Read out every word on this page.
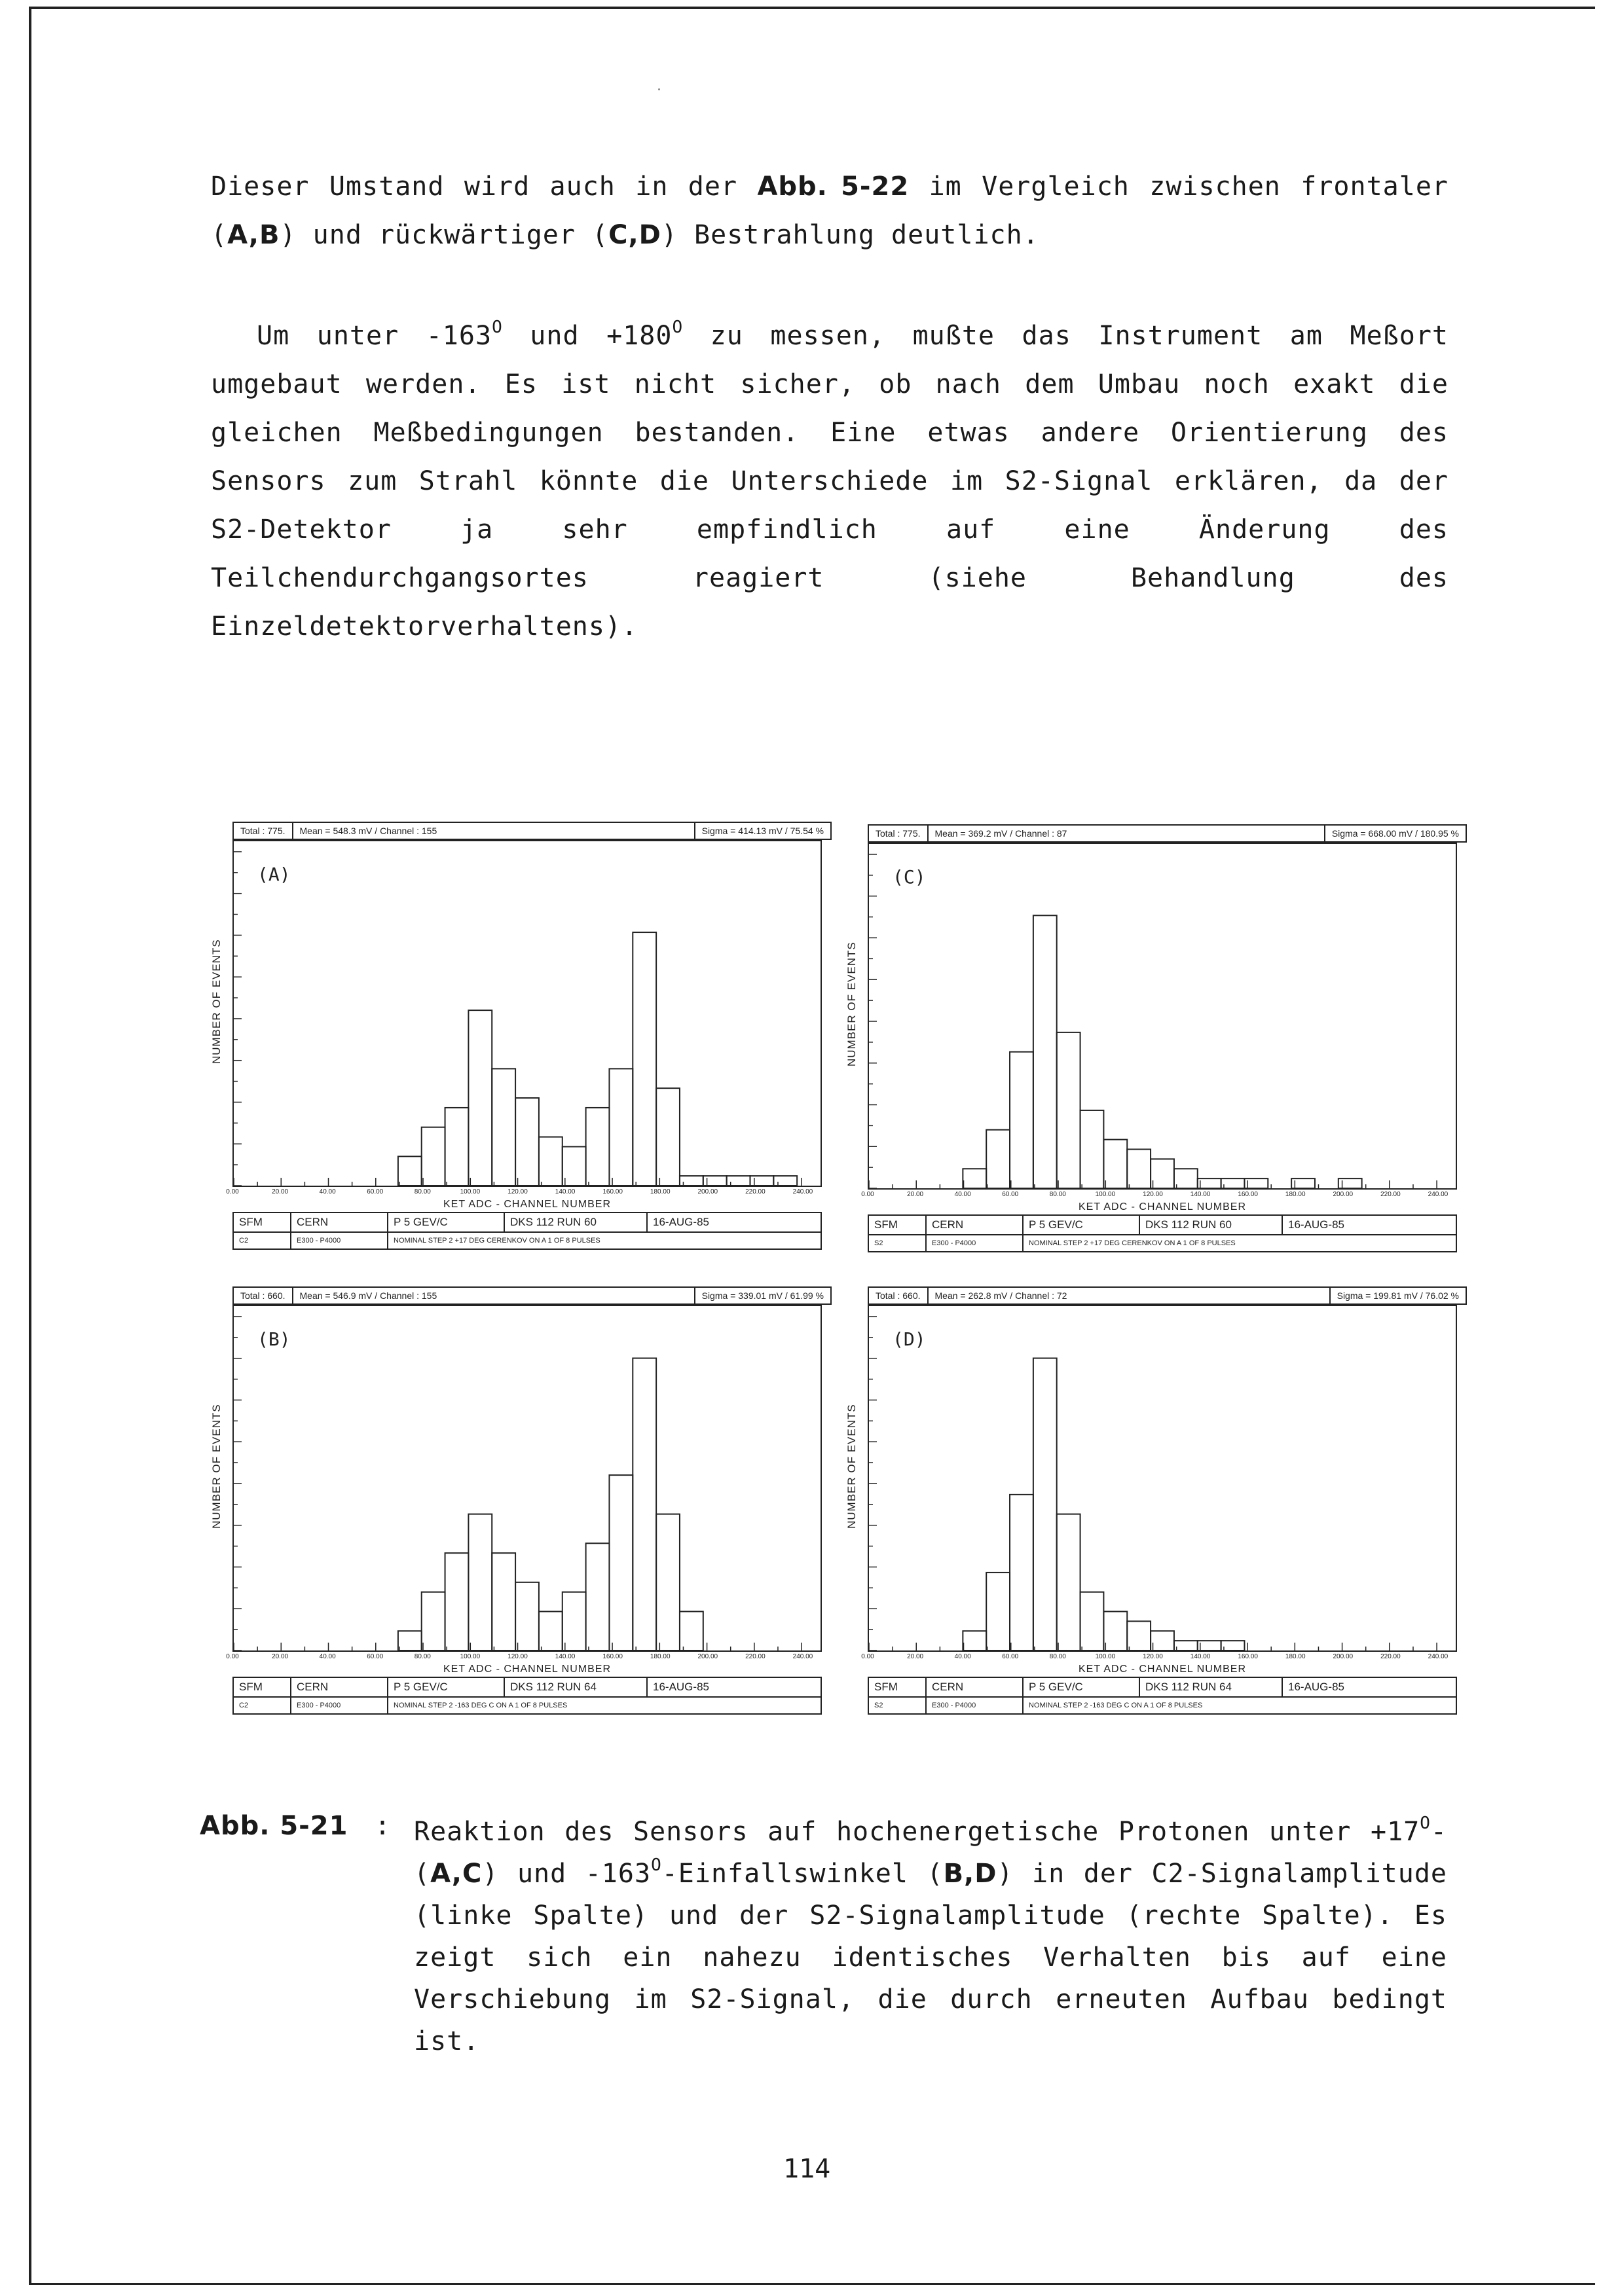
Dieser Umstand wird auch in der Abb. 5-22 im Vergleich zwischen frontaler (A,B) und rückwärtiger (C,D) Bestrahlung deutlich.
Um unter $-163^O$ und $+180^O$ zu messen, mußte das Instrument am Meßort umgebaut werden. Es ist nicht sicher, ob nach dem Umbau noch exakt die gleichen Meßbedingungen bestanden. Eine etwas andere Orientierung des Sensors zum Strahl könnte die Unterschiede im S2-Signal erklären, da der S2-Detektor ja sehr empfindlich auf eine Änderung des Teilchendurchgangsortes reagiert (siehe Behandlung des Einzeldetektorverhaltens).
Total : 775.	Mean = 548.3 mV / Channel : 155	Sigma = 414.13 mV / 75.54 %
(A)
NUMBER OF EVENTS
0.00	20.00	40.00	60.00	80.00	100.00	120.00	140.00	160.00	180.00	200.00	220.00	240.00
KET ADC - CHANNEL NUMBER
SFM	CERN	P 5 GEV/C	DKS 112 RUN 60	16-AUG-85
C2	E300 - P4000	NOMINAL STEP 2 +17 DEG CERENKOV ON A 1 OF 8 PULSES
Total : 775.	Mean = 369.2 mV / Channel : 87	Sigma = 668.00 mV / 180.95 %
(C)
NUMBER OF EVENTS
0.00	20.00	40.00	60.00	80.00	100.00	120.00	140.00	160.00	180.00	200.00	220.00	240.00
KET ADC - CHANNEL NUMBER
SFM	CERN	P 5 GEV/C	DKS 112 RUN 60	16-AUG-85
S2	E300 - P4000	NOMINAL STEP 2 +17 DEG CERENKOV ON A 1 OF 8 PULSES
Total : 660.	Mean = 546.9 mV / Channel : 155	Sigma = 339.01 mV / 61.99 %
(B)
NUMBER OF EVENTS
0.00	20.00	40.00	60.00	80.00	100.00	120.00	140.00	160.00	180.00	200.00	220.00	240.00
KET ADC - CHANNEL NUMBER
SFM	CERN	P 5 GEV/C	DKS 112 RUN 64	16-AUG-85
C2	E300 - P4000	NOMINAL STEP 2 -163 DEG C ON A 1 OF 8 PULSES
Total : 660.	Mean = 262.8 mV / Channel : 72	Sigma = 199.81 mV / 76.02 %
(D)
NUMBER OF EVENTS
0.00	20.00	40.00	60.00	80.00	100.00	120.00	140.00	160.00	180.00	200.00	220.00	240.00
KET ADC - CHANNEL NUMBER
SFM	CERN	P 5 GEV/C	DKS 112 RUN 64	16-AUG-85
S2	E300 - P4000	NOMINAL STEP 2 -163 DEG C ON A 1 OF 8 PULSES
Abb. 5-21 : Reaktion des Sensors auf hochenergetische Protonen unter $+17^O-(A,C)$ und $-163^O$-Einfallswinkel (B,D) in der C2-Signalamplitude (linke Spalte) und der S2-Signalamplitude (rechte Spalte). Es zeigt sich ein nahezu identisches Verhalten bis auf eine Verschiebung im S2-Signal, die durch erneuten Aufbau bedingt ist.
114
